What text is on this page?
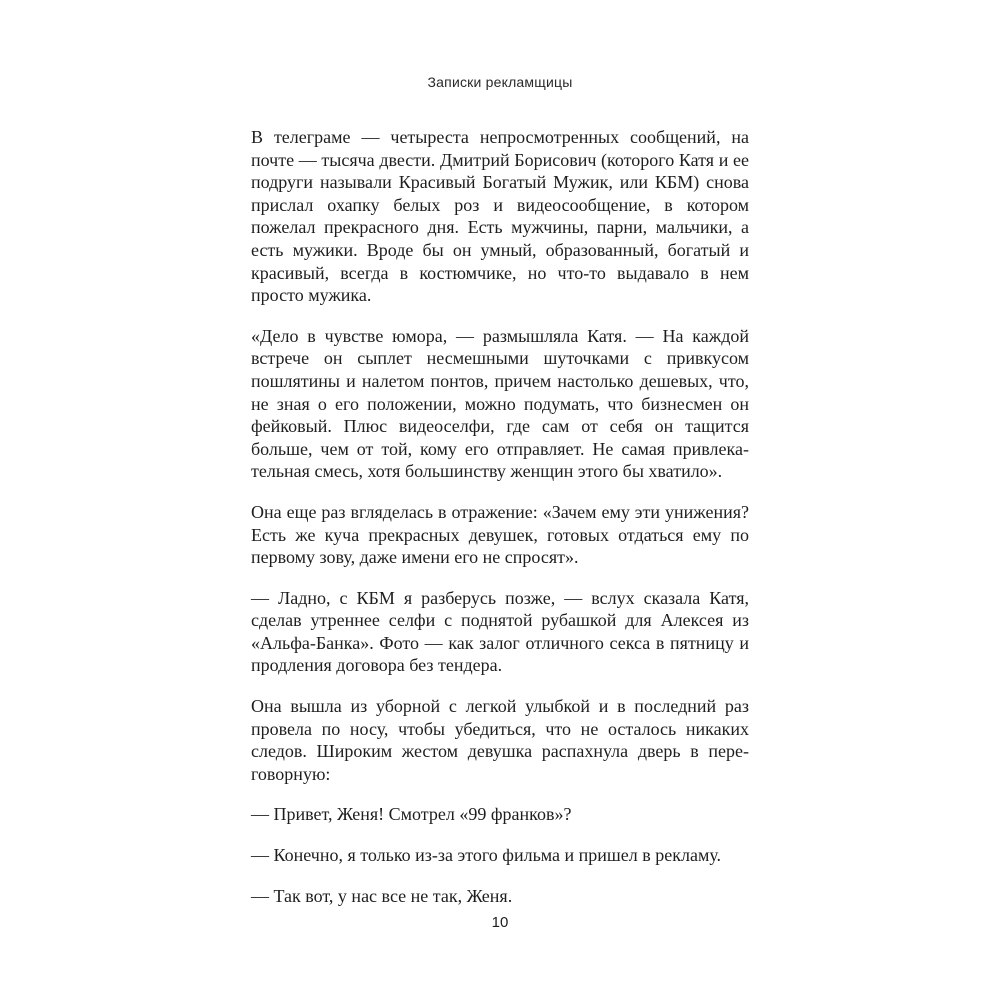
Записки рекламщицы

В телеграме — четыреста непросмотренных сообщений, на почте — тысяча двести. Дмитрий Борисович (которого Катя и ее подруги называли Красивый Богатый Мужик, или КБМ) снова прислал охапку белых роз и видеосообщение, в котором пожелал прекрасного дня. Есть мужчины, парни, мальчики, а есть мужики. Вроде бы он умный, образованный, богатый и красивый, всегда в костюмчике, но что-то выдавало в нем просто мужика.

«Дело в чувстве юмора, — размышляла Катя. — На каждой встрече он сыплет несмешными шуточками с привкусом пошлятины и налетом понтов, причем настолько дешевых, что, не зная о его положении, можно подумать, что бизнесмен он фейковый. Плюс видеоселфи, где сам от себя он тащится больше, чем от той, кому его отправляет. Не самая привлекательная смесь, хотя большинству женщин этого бы хватило».

Она еще раз вгляделась в отражение: «Зачем ему эти унижения? Есть же куча прекрасных девушек, готовых отдаться ему по первому зову, даже имени его не спросят».

— Ладно, с КБМ я разберусь позже, — вслух сказала Катя, сделав утреннее селфи с поднятой рубашкой для Алексея из «Альфа-Банка». Фото — как залог отличного секса в пятницу и продления договора без тендера.

Она вышла из уборной с легкой улыбкой и в последний раз провела по носу, чтобы убедиться, что не осталось никаких следов. Широким жестом девушка распахнула дверь в переговорную:

— Привет, Женя! Смотрел «99 франков»?

— Конечно, я только из-за этого фильма и пришел в рекламу.

— Так вот, у нас все не так, Женя.

10
